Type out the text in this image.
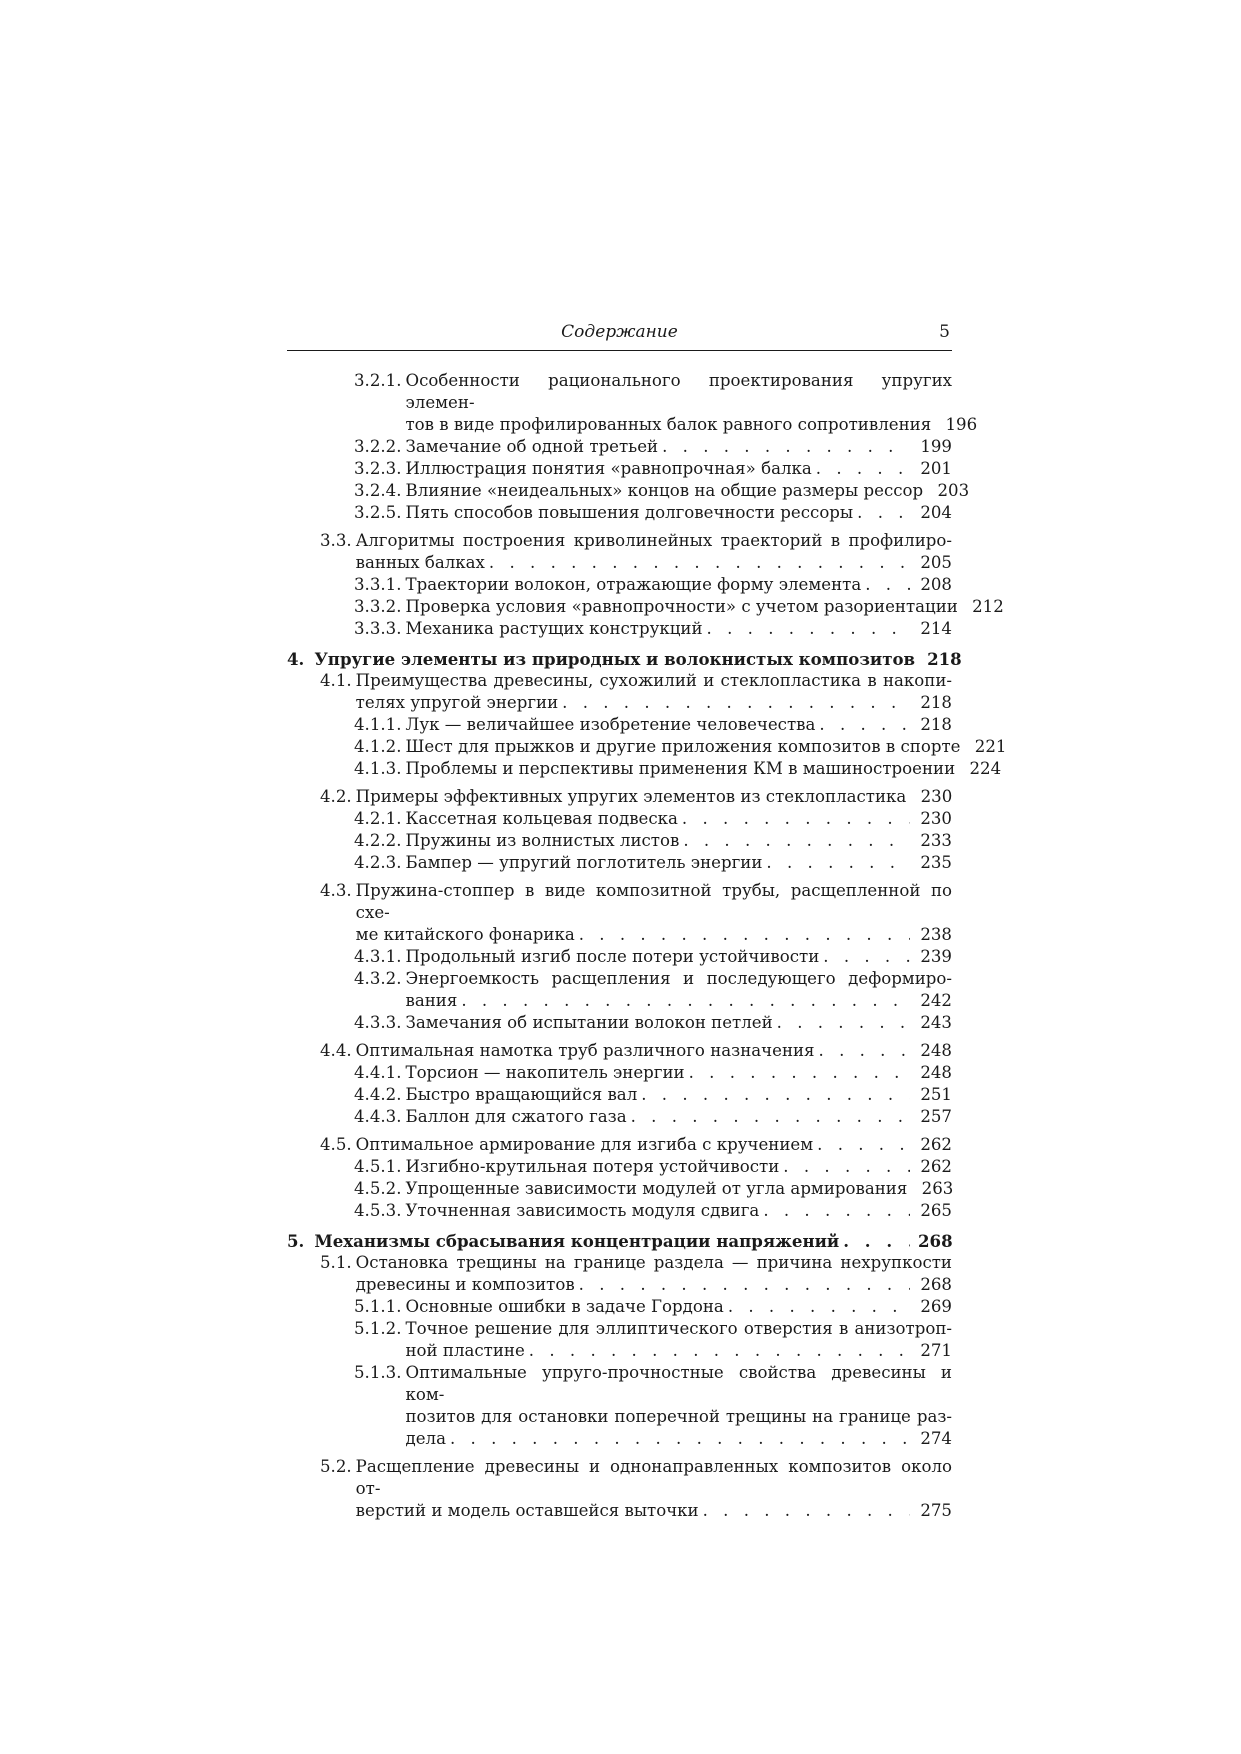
Содержание	5
3.2.1. Особенности рационального проектирования упругих элемен-
тов в виде профилированных балок равного сопротивления 196
3.2.2. Замечание об одной третьей . . .	199
3.2.3. Иллюстрация понятия «равнопрочная» балка . . .	201
3.2.4. Влияние «неидеальных» концов на общие размеры рессор . . . 203
3.2.5. Пять способов повышения долговечности рессоры . . .	204
3.3. Алгоритмы построения криволинейных траекторий в профилиро-
ванных балках . . .	205
3.3.1. Траектории волокон, отражающие форму элемента . . .	208
3.3.2. Проверка условия «равнопрочности» с учетом разориентации 212
3.3.3. Механика растущих конструкций . . .	214
4. Упругие элементы из природных и волокнистых композитов . . . 218
4.1. Преимущества древесины, сухожилий и стеклопластика в накопи-
телях упругой энергии . . .	218
4.1.1. Лук — величайшее изобретение человечества . . .	218
4.1.2. Шест для прыжков и другие приложения композитов в спорте 221
4.1.3. Проблемы и перспективы применения КМ в машиностроении 224
4.2. Примеры эффективных упругих элементов из стеклопластика . . . 230
4.2.1. Кассетная кольцевая подвеска . . .	230
4.2.2. Пружины из волнистых листов . . .	233
4.2.3. Бампер — упругий поглотитель энергии . . .	235
4.3. Пружина-стоппер в виде композитной трубы, расщепленной по схе-
ме китайского фонарика . . .	238
4.3.1. Продольный изгиб после потери устойчивости . . .	239
4.3.2. Энергоемкость расщепления и последующего деформиро-
вания . . .	242
4.3.3. Замечания об испытании волокон петлей . . .	243
4.4. Оптимальная намотка труб различного назначения . . .	248
4.4.1. Торсион — накопитель энергии . . .	248
4.4.2. Быстро вращающийся вал . . .	251
4.4.3. Баллон для сжатого газа . . .	257
4.5. Оптимальное армирование для изгиба с кручением . . .	262
4.5.1. Изгибно-крутильная потеря устойчивости . . .	262
4.5.2. Упрощенные зависимости модулей от угла армирования . . . 263
4.5.3. Уточненная зависимость модуля сдвига . . .	265
5. Механизмы сбрасывания концентрации напряжений . . .	268
5.1. Остановка трещины на границе раздела — причина нехрупкости
древесины и композитов . . .	268
5.1.1. Основные ошибки в задаче Гордона . . .	269
5.1.2. Точное решение для эллиптического отверстия в анизотроп-
ной пластине . . .	271
5.1.3. Оптимальные упруго-прочностные свойства древесины и ком-
позитов для остановки поперечной трещины на границе раз-
дела . . .	274
5.2. Расщепление древесины и однонаправленных композитов около от-
верстий и модель оставшейся выточки . . .	275
